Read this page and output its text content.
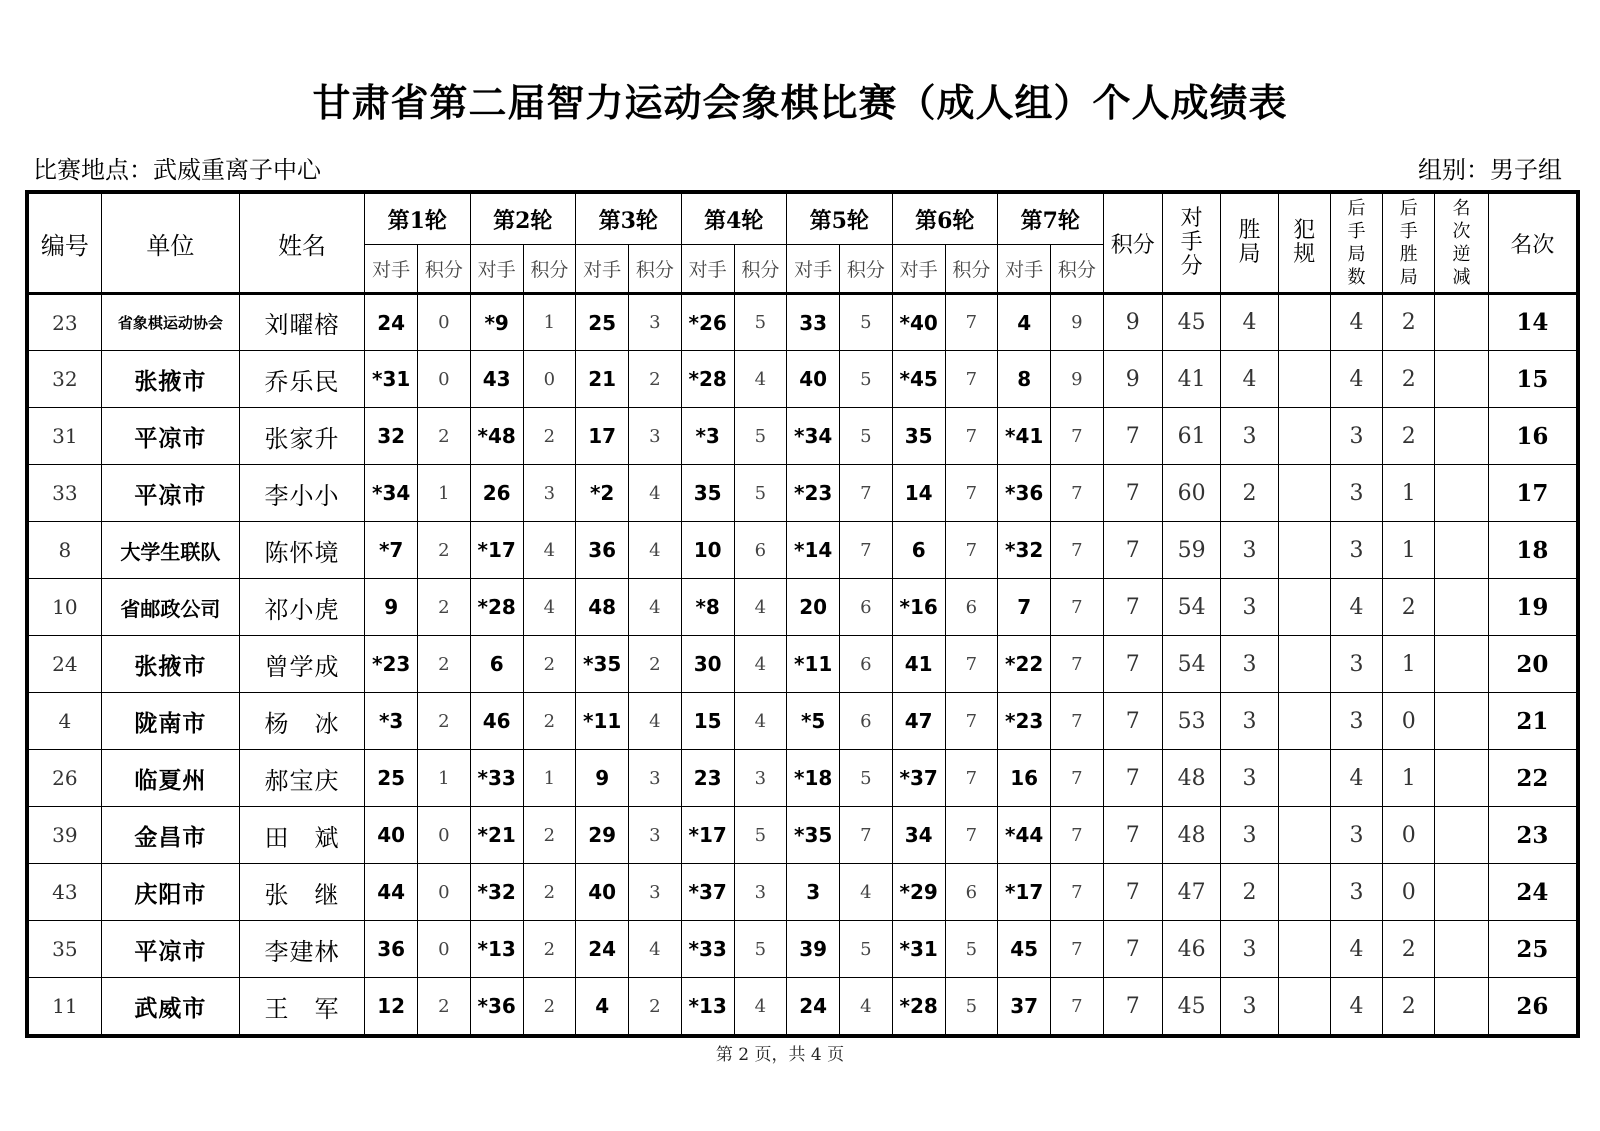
甘肃省第二届智力运动会象棋比赛（成人组）个人成绩表
比赛地点：武威重离子中心	组别：男子组
编号	单位	姓名	第1轮		第2轮		第3轮		第4轮		第5轮		第6轮		第7轮		积分	对手分	胜局	犯规	后手局数	后手胜局	名次逆减	名次
			对手	积分	对手	积分	对手	积分	对手	积分	对手	积分	对手	积分	对手	积分								
23	省象棋运动协会	刘曜榕	24	0	*9	1	25	3	*26	5	33	5	*40	7	4	9	9	45	4		4	2		14
32	张掖市	乔乐民	*31	0	43	0	21	2	*28	4	40	5	*45	7	8	9	9	41	4		4	2		15
31	平凉市	张家升	32	2	*48	2	17	3	*3	5	*34	5	35	7	*41	7	7	61	3		3	2		16
33	平凉市	李小小	*34	1	26	3	*2	4	35	5	*23	7	14	7	*36	7	7	60	2		3	1		17
8	大学生联队	陈怀境	*7	2	*17	4	36	4	10	6	*14	7	6	7	*32	7	7	59	3		3	1		18
10	省邮政公司	祁小虎	9	2	*28	4	48	4	*8	4	20	6	*16	6	7	7	7	54	3		4	2		19
24	张掖市	曾学成	*23	2	6	2	*35	2	30	4	*11	6	41	7	*22	7	7	54	3		3	1		20
4	陇南市	杨　冰	*3	2	46	2	*11	4	15	4	*5	6	47	7	*23	7	7	53	3		3	0		21
26	临夏州	郝宝庆	25	1	*33	1	9	3	23	3	*18	5	*37	7	16	7	7	48	3		4	1		22
39	金昌市	田　斌	40	0	*21	2	29	3	*17	5	*35	7	34	7	*44	7	7	48	3		3	0		23
43	庆阳市	张　继	44	0	*32	2	40	3	*37	3	3	4	*29	6	*17	7	7	47	2		3	0		24
35	平凉市	李建林	36	0	*13	2	24	4	*33	5	39	5	*31	5	45	7	7	46	3		4	2		25
11	武威市	王　军	12	2	*36	2	4	2	*13	4	24	4	*28	5	37	7	7	45	3		4	2		26
第 2 页，共 4 页
